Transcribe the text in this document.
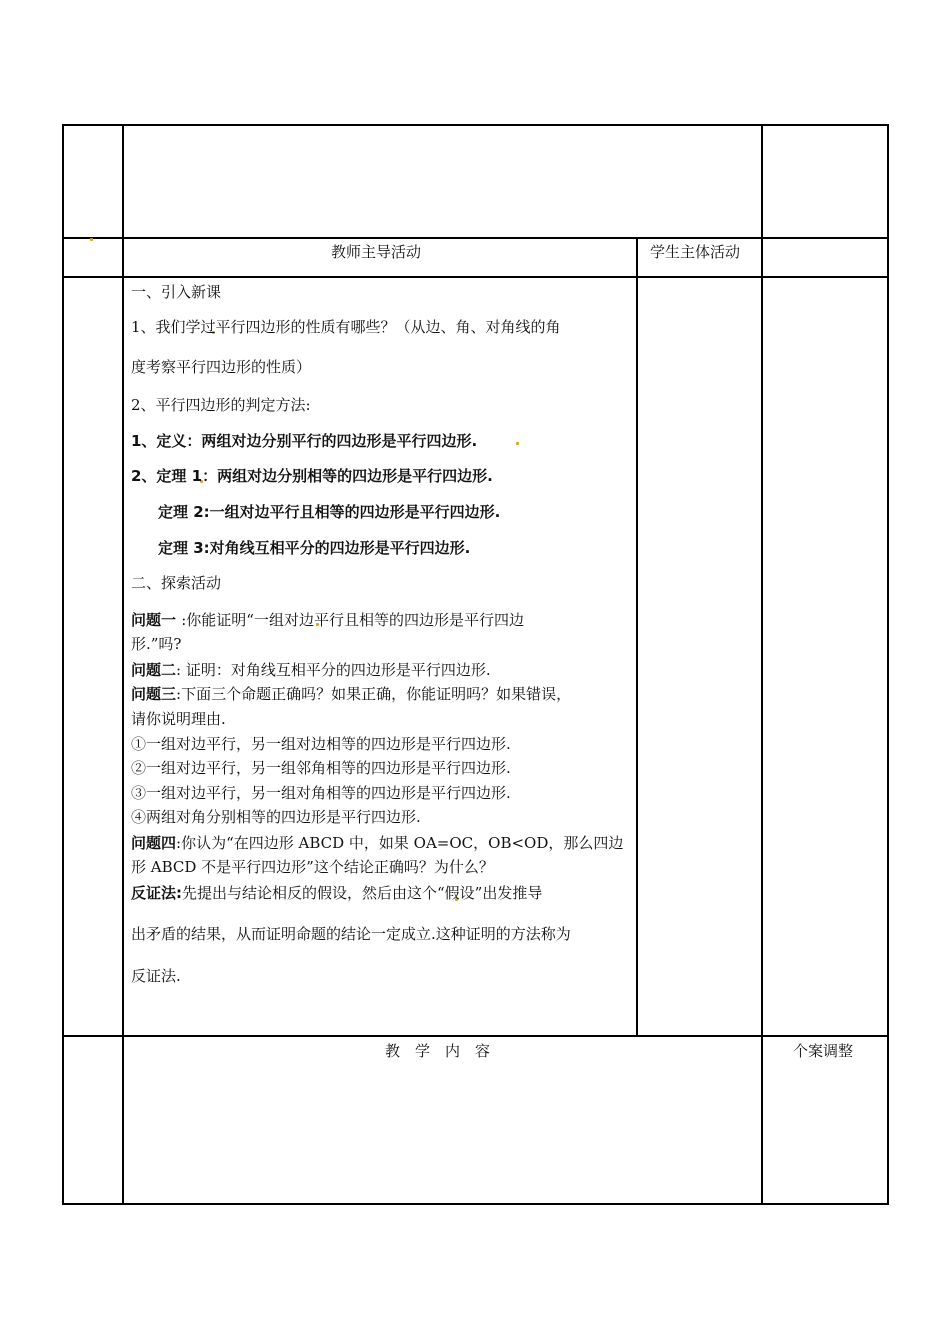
教师主导活动	学生主体活动
一、引入新课
1、我们学过平行四边形的性质有哪些？（从边、角、对角线的角
度考察平行四边形的性质）
2、平行四边形的判定方法:
1、定义：两组对边分别平行的四边形是平行四边形.
2、定理 1：两组对边分别相等的四边形是平行四边形.
定理 2:一组对边平行且相等的四边形是平行四边形.
定理 3:对角线互相平分的四边形是平行四边形.
二、探索活动
问题一 :你能证明“一组对边平行且相等的四边形是平行四边
形.”吗?
问题二: 证明：对角线互相平分的四边形是平行四边形.
问题三:下面三个命题正确吗？如果正确，你能证明吗？如果错误，
请你说明理由.
①一组对边平行，另一组对边相等的四边形是平行四边形.
②一组对边平行，另一组邻角相等的四边形是平行四边形.
③一组对边平行，另一组对角相等的四边形是平行四边形.
④两组对角分别相等的四边形是平行四边形.
问题四:你认为“在四边形 ABCD 中，如果 OA=OC，OB<OD，那么四边
形 ABCD 不是平行四边形”这个结论正确吗？为什么？
反证法:先提出与结论相反的假设，然后由这个“假设”出发推导
出矛盾的结果，从而证明命题的结论一定成立.这种证明的方法称为
反证法.
教　学　内　容	个案调整
